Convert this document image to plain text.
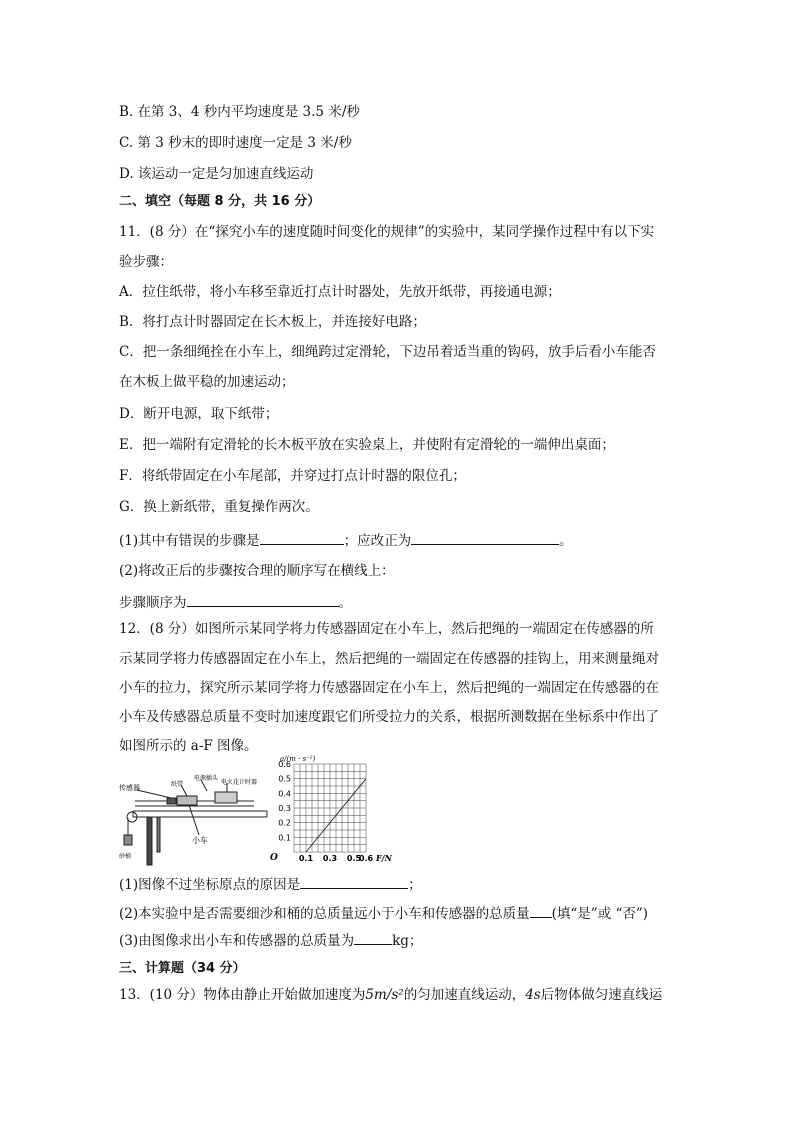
B. 在第 3、4 秒内平均速度是 3.5 米/秒
C. 第 3 秒末的即时速度一定是 3 米/秒
D. 该运动一定是匀加速直线运动
二、填空（每题 8 分，共 16 分）
11．(8 分）在“探究小车的速度随时间变化的规律”的实验中，某同学操作过程中有以下实
验步骤：
A．拉住纸带，将小车移至靠近打点计时器处，先放开纸带，再接通电源；
B．将打点计时器固定在长木板上，并连接好电路；
C．把一条细绳拴在小车上，细绳跨过定滑轮，下边吊着适当重的钩码，放手后看小车能否
在木板上做平稳的加速运动；
D．断开电源，取下纸带；
E．把一端附有定滑轮的长木板平放在实验桌上，并使附有定滑轮的一端伸出桌面；
F．将纸带固定在小车尾部，并穿过打点计时器的限位孔；
G．换上新纸带，重复操作两次。
(1)其中有错误的步骤是	；应改正为	。
(2)将改正后的步骤按合理的顺序写在横线上：
步骤顺序为	。
12．(8 分）如图所示某同学将力传感器固定在小车上，然后把绳的一端固定在传感器的所
示某同学将力传感器固定在小车上，然后把绳的一端固定在传感器的挂钩上，用来测量绳对
小车的拉力，探究所示某同学将力传感器固定在小车上，然后把绳的一端固定在传感器的在
小车及传感器总质量不变时加速度跟它们所受拉力的关系，根据所测数据在坐标系中作出了
如图所示的 a-F 图像。
传感器	纸带
电源插头
电火花计时器
砂桶
小车
0.6
0.5
0.4
0.3
0.2
0.1
0.1 0.3 0.5
0.6
a/(m · s⁻²)
F/N
O
(1)图像不过坐标原点的原因是	；
(2)本实验中是否需要细沙和桶的总质量远小于小车和传感器的总质量 (填“是”或 “否”)
(3)由图像求出小车和传感器的总质量为	kg；
三、计算题（34 分）
13．(10 分）物体由静止开始做加速度为5m/s²的匀加速直线运动，4s后物体做匀速直线运
